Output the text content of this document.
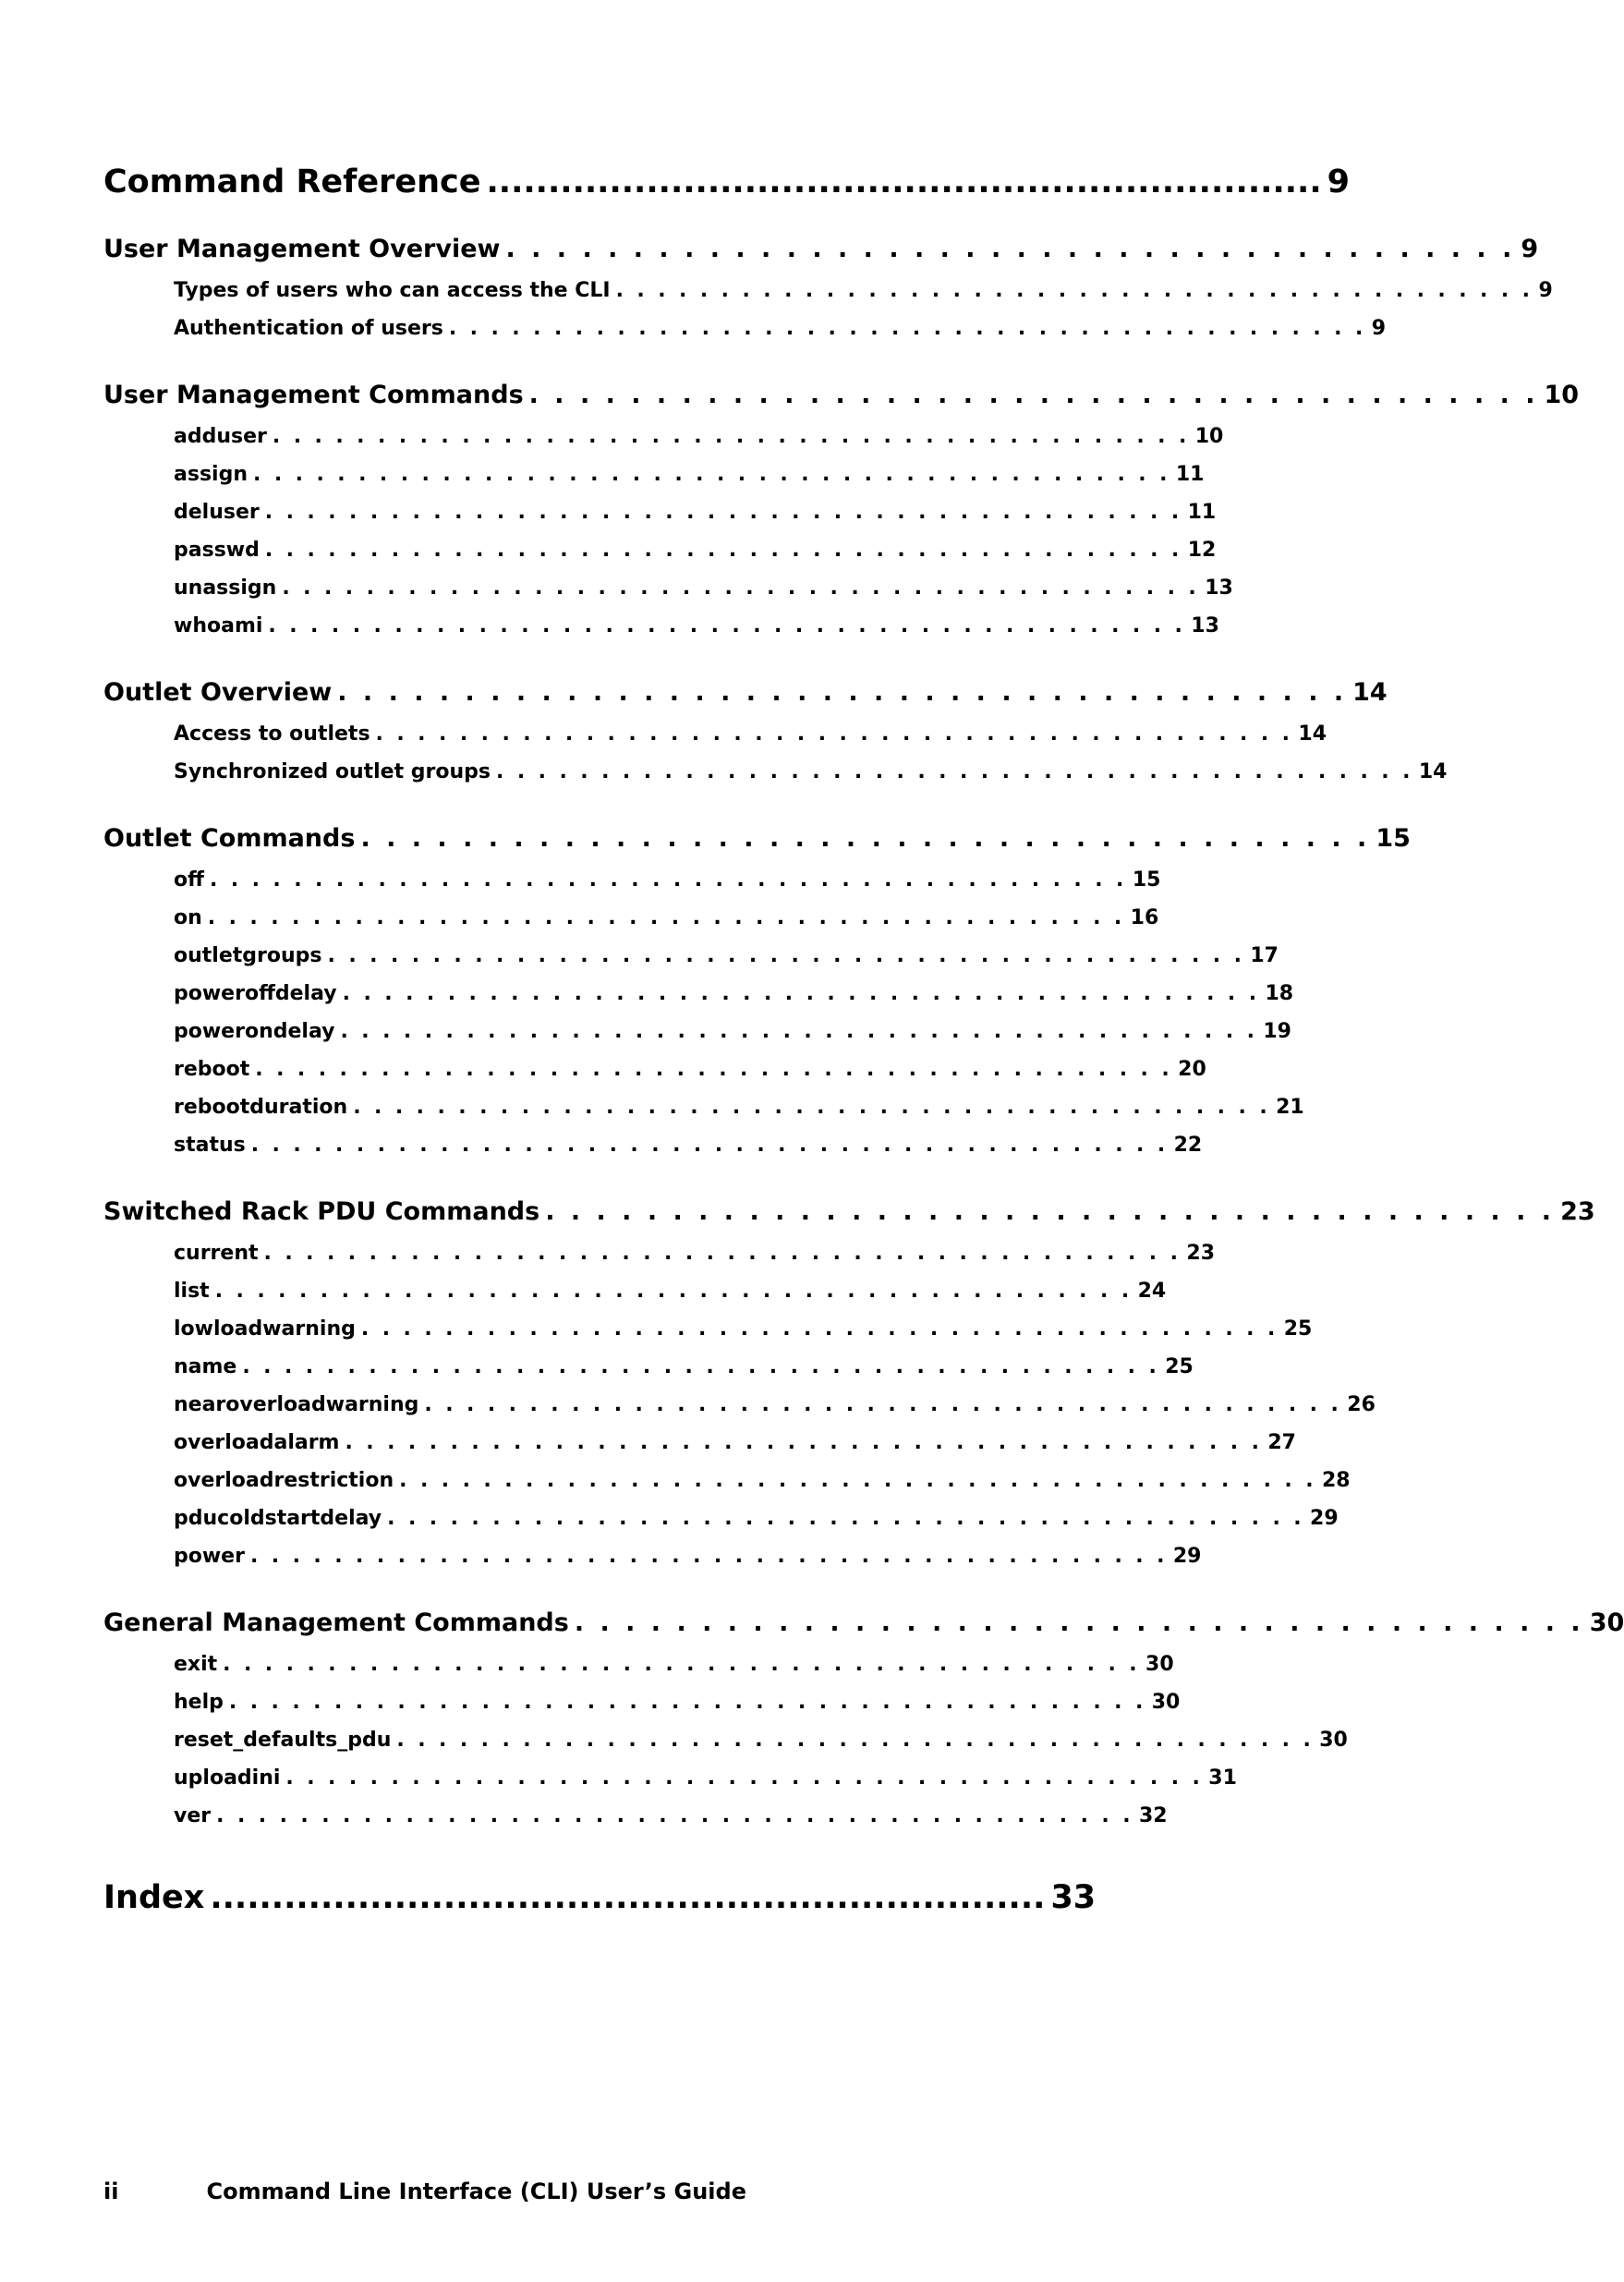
Command Reference .................................................................... 9
User Management Overview . . . . . . . . . . . . . . . . . . . . . . . . . . . . . . . . . . . . . . . . 9
Types of users who can access the CLI . . . . . . . . . . . . . . . . . . . . . . . . . . . . . . . . . . . . . . . . . . . . 9
Authentication of users . . . . . . . . . . . . . . . . . . . . . . . . . . . . . . . . . . . . . . . . . . . . 9
User Management Commands . . . . . . . . . . . . . . . . . . . . . . . . . . . . . . . . . . . . . . . . 10
adduser . . . . . . . . . . . . . . . . . . . . . . . . . . . . . . . . . . . . . . . . . . . . 10
assign . . . . . . . . . . . . . . . . . . . . . . . . . . . . . . . . . . . . . . . . . . . . 11
deluser . . . . . . . . . . . . . . . . . . . . . . . . . . . . . . . . . . . . . . . . . . . . 11
passwd . . . . . . . . . . . . . . . . . . . . . . . . . . . . . . . . . . . . . . . . . . . . 12
unassign . . . . . . . . . . . . . . . . . . . . . . . . . . . . . . . . . . . . . . . . . . . . 13
whoami . . . . . . . . . . . . . . . . . . . . . . . . . . . . . . . . . . . . . . . . . . . . 13
Outlet Overview . . . . . . . . . . . . . . . . . . . . . . . . . . . . . . . . . . . . . . . . 14
Access to outlets . . . . . . . . . . . . . . . . . . . . . . . . . . . . . . . . . . . . . . . . . . . . 14
Synchronized outlet groups . . . . . . . . . . . . . . . . . . . . . . . . . . . . . . . . . . . . . . . . . . . . 14
Outlet Commands . . . . . . . . . . . . . . . . . . . . . . . . . . . . . . . . . . . . . . . . 15
off . . . . . . . . . . . . . . . . . . . . . . . . . . . . . . . . . . . . . . . . . . . . 15
on . . . . . . . . . . . . . . . . . . . . . . . . . . . . . . . . . . . . . . . . . . . . 16
outletgroups . . . . . . . . . . . . . . . . . . . . . . . . . . . . . . . . . . . . . . . . . . . . 17
poweroffdelay . . . . . . . . . . . . . . . . . . . . . . . . . . . . . . . . . . . . . . . . . . . . 18
powerondelay . . . . . . . . . . . . . . . . . . . . . . . . . . . . . . . . . . . . . . . . . . . . 19
reboot . . . . . . . . . . . . . . . . . . . . . . . . . . . . . . . . . . . . . . . . . . . . 20
rebootduration . . . . . . . . . . . . . . . . . . . . . . . . . . . . . . . . . . . . . . . . . . . . 21
status . . . . . . . . . . . . . . . . . . . . . . . . . . . . . . . . . . . . . . . . . . . . 22
Switched Rack PDU Commands . . . . . . . . . . . . . . . . . . . . . . . . . . . . . . . . . . . . . . . . 23
current . . . . . . . . . . . . . . . . . . . . . . . . . . . . . . . . . . . . . . . . . . . . 23
list . . . . . . . . . . . . . . . . . . . . . . . . . . . . . . . . . . . . . . . . . . . . 24
lowloadwarning . . . . . . . . . . . . . . . . . . . . . . . . . . . . . . . . . . . . . . . . . . . . 25
name . . . . . . . . . . . . . . . . . . . . . . . . . . . . . . . . . . . . . . . . . . . . 25
nearoverloadwarning . . . . . . . . . . . . . . . . . . . . . . . . . . . . . . . . . . . . . . . . . . . . 26
overloadalarm . . . . . . . . . . . . . . . . . . . . . . . . . . . . . . . . . . . . . . . . . . . . 27
overloadrestriction . . . . . . . . . . . . . . . . . . . . . . . . . . . . . . . . . . . . . . . . . . . . 28
pducoldstartdelay . . . . . . . . . . . . . . . . . . . . . . . . . . . . . . . . . . . . . . . . . . . . 29
power . . . . . . . . . . . . . . . . . . . . . . . . . . . . . . . . . . . . . . . . . . . . 29
General Management Commands . . . . . . . . . . . . . . . . . . . . . . . . . . . . . . . . . . . . . . . . 30
exit . . . . . . . . . . . . . . . . . . . . . . . . . . . . . . . . . . . . . . . . . . . . 30
help . . . . . . . . . . . . . . . . . . . . . . . . . . . . . . . . . . . . . . . . . . . . 30
reset_defaults_pdu . . . . . . . . . . . . . . . . . . . . . . . . . . . . . . . . . . . . . . . . . . . . 30
uploadini . . . . . . . . . . . . . . . . . . . . . . . . . . . . . . . . . . . . . . . . . . . . 31
ver . . . . . . . . . . . . . . . . . . . . . . . . . . . . . . . . . . . . . . . . . . . . 32
Index .................................................................... 33
ii	Command Line Interface (CLI) User’s Guide
